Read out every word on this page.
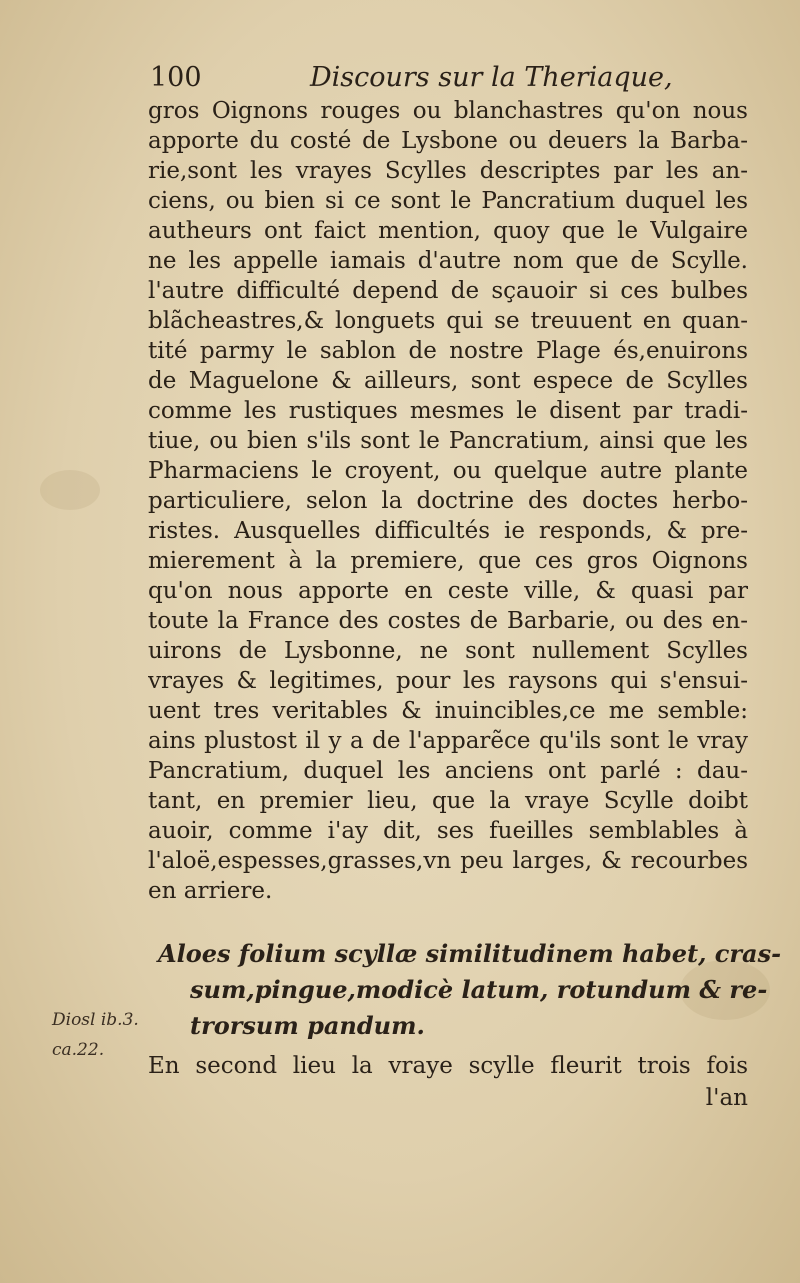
100	Discours sur la Theriaque,
gros Oignons rouges ou blanchastres qu'on nous
apporte du costé de Lysbone ou deuers la Barba-
rie,sont les vrayes Scylles descriptes par les an-
ciens, ou bien si ce sont le Pancratium duquel les
autheurs ont faict mention, quoy que le Vulgaire
ne les appelle iamais d'autre nom que de Scylle.
l'autre difficulté depend de sçauoir si ces bulbes
blãcheastres,& longuets qui se treuuent en quan-
tité parmy le sablon de nostre Plage és,enuirons
de Maguelone & ailleurs, sont espece de Scylles
comme les rustiques mesmes le disent par tradi-
tiue, ou bien s'ils sont le Pancratium, ainsi que les
Pharmaciens le croyent, ou quelque autre plante
particuliere, selon la doctrine des doctes herbo-
ristes. Ausquelles difficultés ie responds, & pre-
mierement à la premiere, que ces gros Oignons
qu'on nous apporte en ceste ville, & quasi par
toute la France des costes de Barbarie, ou des en-
uirons de Lysbonne, ne sont nullement Scylles
vrayes & legitimes, pour les raysons qui s'ensui-
uent tres veritables & inuincibles,ce me semble:
ains plustost il y a de l'apparẽce qu'ils sont le vray
Pancratium, duquel les anciens ont parlé : dau-
tant, en premier lieu, que la vraye Scylle doibt
auoir, comme i'ay dit, ses fueilles semblables à
l'aloë,espesses,grasses,vn peu larges, & recourbes
en arriere.
Aloes folium scyllæ similitudinem habet, cras-
sum,pingue,modicè latum, rotundum & re-
trorsum pandum.
En second lieu la vraye scylle fleurit trois fois
l'an
Diosl ib.3.
ca.22.
